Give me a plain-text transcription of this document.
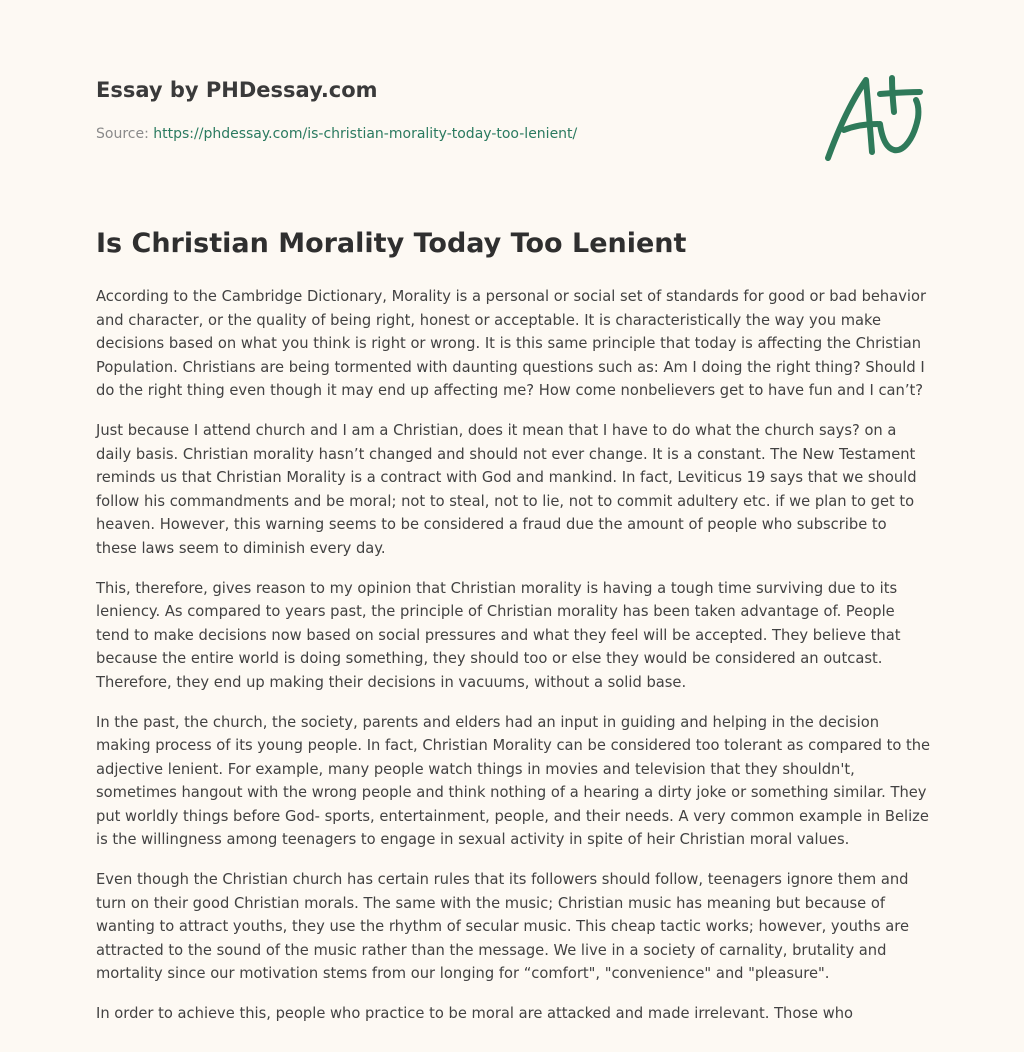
Essay by PHDessay.com
Source: https://phdessay.com/is-christian-morality-today-too-lenient/
Is Christian Morality Today Too Lenient

According to the Cambridge Dictionary, Morality is a personal or social set of standards for good or bad behavior and character, or the quality of being right, honest or acceptable. It is characteristically the way you make decisions based on what you think is right or wrong. It is this same principle that today is affecting the Christian Population. Christians are being tormented with daunting questions such as: Am I doing the right thing? Should I do the right thing even though it may end up affecting me? How come nonbelievers get to have fun and I can’t?

Just because I attend church and I am a Christian, does it mean that I have to do what the church says? on a daily basis. Christian morality hasn’t changed and should not ever change. It is a constant. The New Testament reminds us that Christian Morality is a contract with God and mankind. In fact, Leviticus 19 says that we should follow his commandments and be moral; not to steal, not to lie, not to commit adultery etc. if we plan to get to heaven. However, this warning seems to be considered a fraud due the amount of people who subscribe to these laws seem to diminish every day.

This, therefore, gives reason to my opinion that Christian morality is having a tough time surviving due to its leniency. As compared to years past, the principle of Christian morality has been taken advantage of. People tend to make decisions now based on social pressures and what they feel will be accepted. They believe that because the entire world is doing something, they should too or else they would be considered an outcast. Therefore, they end up making their decisions in vacuums, without a solid base.

In the past, the church, the society, parents and elders had an input in guiding and helping in the decision making process of its young people. In fact, Christian Morality can be considered too tolerant as compared to the adjective lenient. For example, many people watch things in movies and television that they shouldn't, sometimes hangout with the wrong people and think nothing of a hearing a dirty joke or something similar. They put worldly things before God- sports, entertainment, people, and their needs. A very common example in Belize is the willingness among teenagers to engage in sexual activity in spite of heir Christian moral values.

Even though the Christian church has certain rules that its followers should follow, teenagers ignore them and turn on their good Christian morals. The same with the music; Christian music has meaning but because of wanting to attract youths, they use the rhythm of secular music. This cheap tactic works; however, youths are attracted to the sound of the music rather than the message. We live in a society of carnality, brutality and mortality since our motivation stems from our longing for “comfort", "convenience" and "pleasure".

In order to achieve this, people who practice to be moral are attacked and made irrelevant. Those who
